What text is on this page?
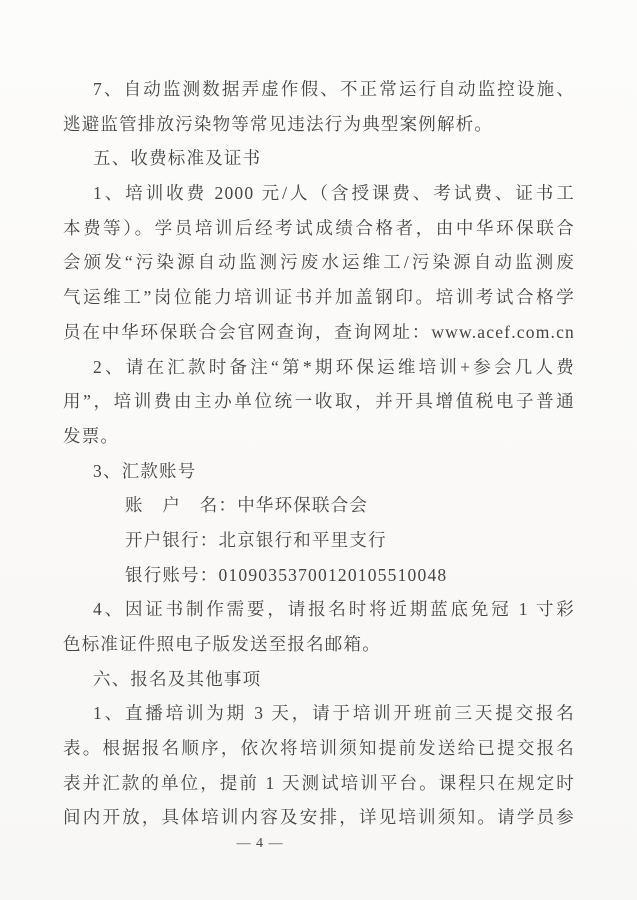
7、自动监测数据弄虚作假、不正常运行自动监控设施、
逃避监管排放污染物等常见违法行为典型案例解析。
五、收费标准及证书
1、培训收费 2000 元/人（含授课费、考试费、证书工
本费等）。学员培训后经考试成绩合格者，由中华环保联合
会颁发“污染源自动监测污废水运维工/污染源自动监测废
气运维工”岗位能力培训证书并加盖钢印。培训考试合格学
员在中华环保联合会官网查询，查询网址：www.acef.com.cn
2、请在汇款时备注“第*期环保运维培训+参会几人费
用”，培训费由主办单位统一收取，并开具增值税电子普通
发票。
3、汇款账号
账　户　名：中华环保联合会
开户银行：北京银行和平里支行
银行账号：01090353700120105510048
4、因证书制作需要，请报名时将近期蓝底免冠 1 寸彩
色标准证件照电子版发送至报名邮箱。
六、报名及其他事项
1、直播培训为期 3 天，请于培训开班前三天提交报名
表。根据报名顺序，依次将培训须知提前发送给已提交报名
表并汇款的单位，提前 1 天测试培训平台。课程只在规定时
间内开放，具体培训内容及安排，详见培训须知。请学员参
— 4 —
